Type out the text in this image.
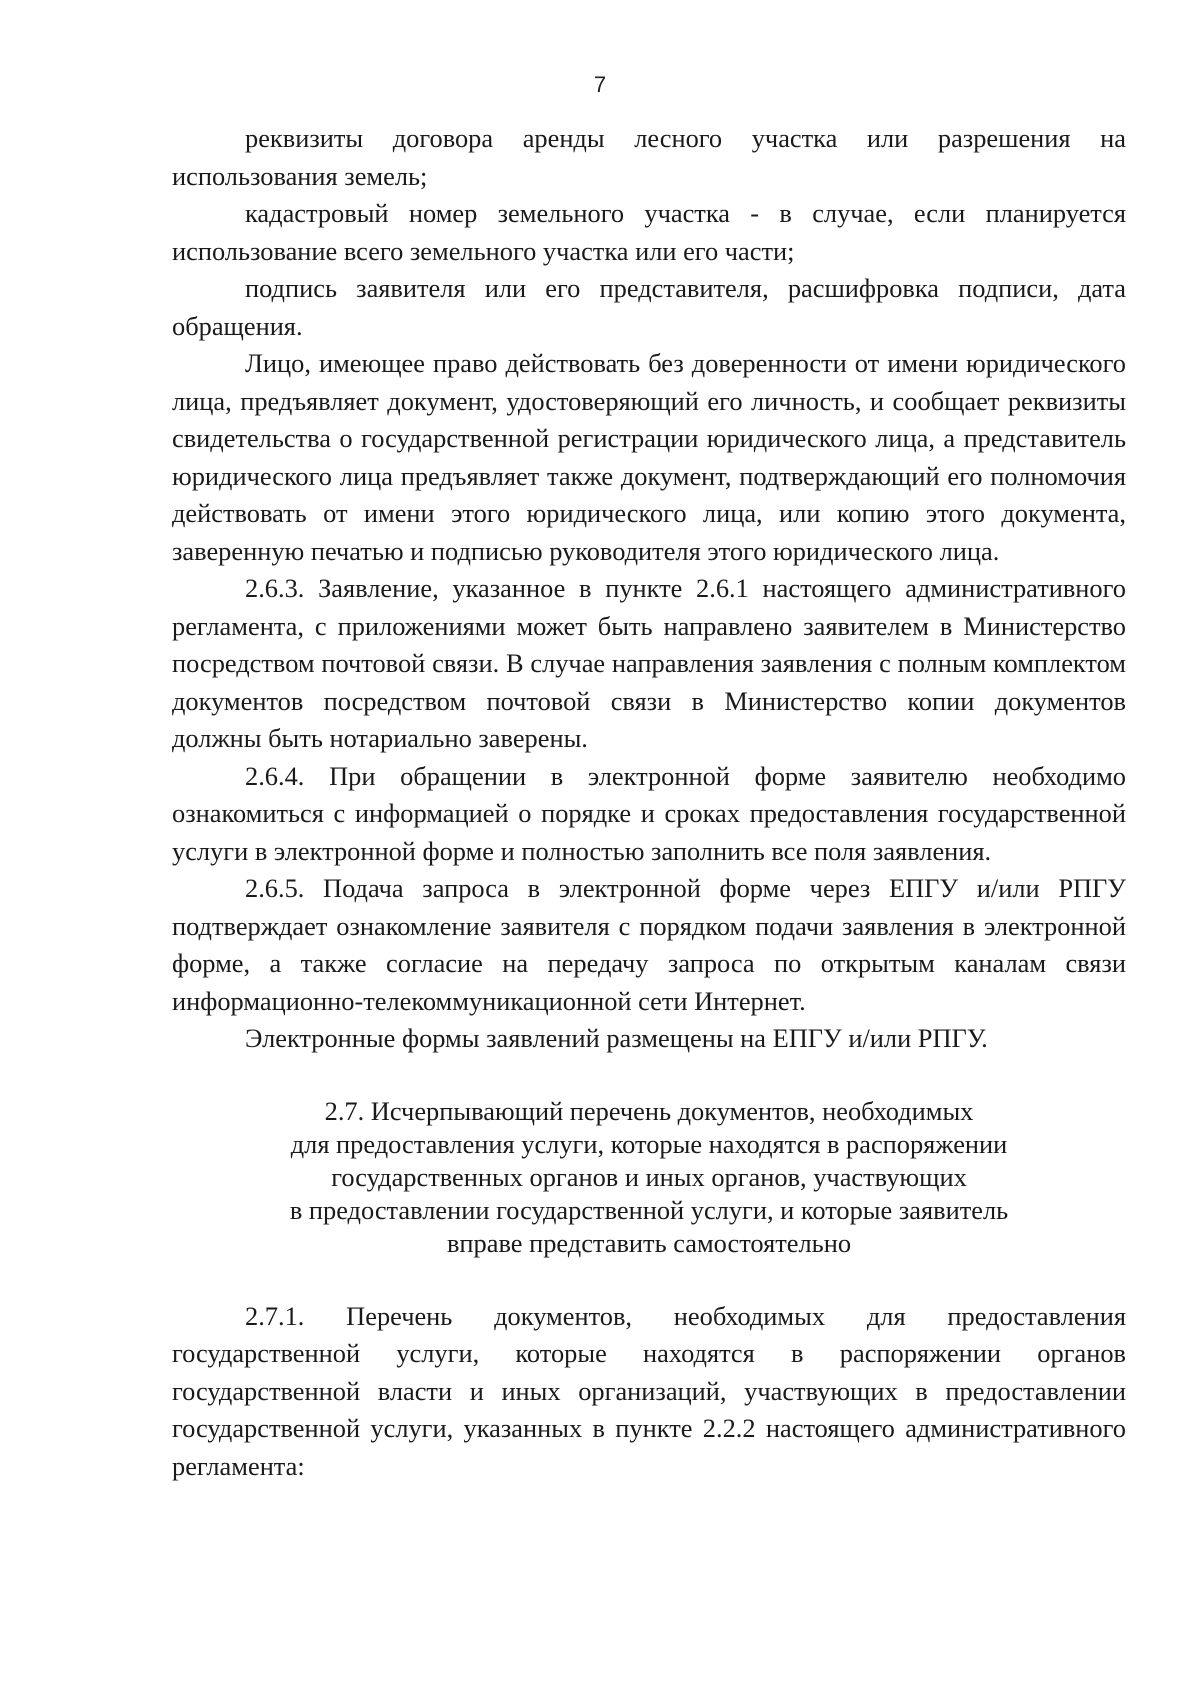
7

реквизиты договора аренды лесного участка или разрешения на использования земель;

кадастровый номер земельного участка - в случае, если планируется использование всего земельного участка или его части;

подпись заявителя или его представителя, расшифровка подписи, дата обращения.

Лицо, имеющее право действовать без доверенности от имени юридического лица, предъявляет документ, удостоверяющий его личность, и сообщает реквизиты свидетельства о государственной регистрации юридического лица, а представитель юридического лица предъявляет также документ, подтверждающий его полномочия действовать от имени этого юридического лица, или копию этого документа, заверенную печатью и подписью руководителя этого юридического лица.

2.6.3. Заявление, указанное в пункте 2.6.1 настоящего административного регламента, с приложениями может быть направлено заявителем в Министерство посредством почтовой связи. В случае направления заявления с полным комплектом документов посредством почтовой связи в Министерство копии документов должны быть нотариально заверены.

2.6.4. При обращении в электронной форме заявителю необходимо ознакомиться с информацией о порядке и сроках предоставления государственной услуги в электронной форме и полностью заполнить все поля заявления.

2.6.5. Подача запроса в электронной форме через ЕПГУ и/или РПГУ подтверждает ознакомление заявителя с порядком подачи заявления в электронной форме, а также согласие на передачу запроса по открытым каналам связи информационно-телекоммуникационной сети Интернет.

Электронные формы заявлений размещены на ЕПГУ и/или РПГУ.

2.7. Исчерпывающий перечень документов, необходимых
для предоставления услуги, которые находятся в распоряжении
государственных органов и иных органов, участвующих
в предоставлении государственной услуги, и которые заявитель
вправе представить самостоятельно

2.7.1. Перечень документов, необходимых для предоставления государственной услуги, которые находятся в распоряжении органов государственной власти и иных организаций, участвующих в предоставлении государственной услуги, указанных в пункте 2.2.2 настоящего административного регламента:
